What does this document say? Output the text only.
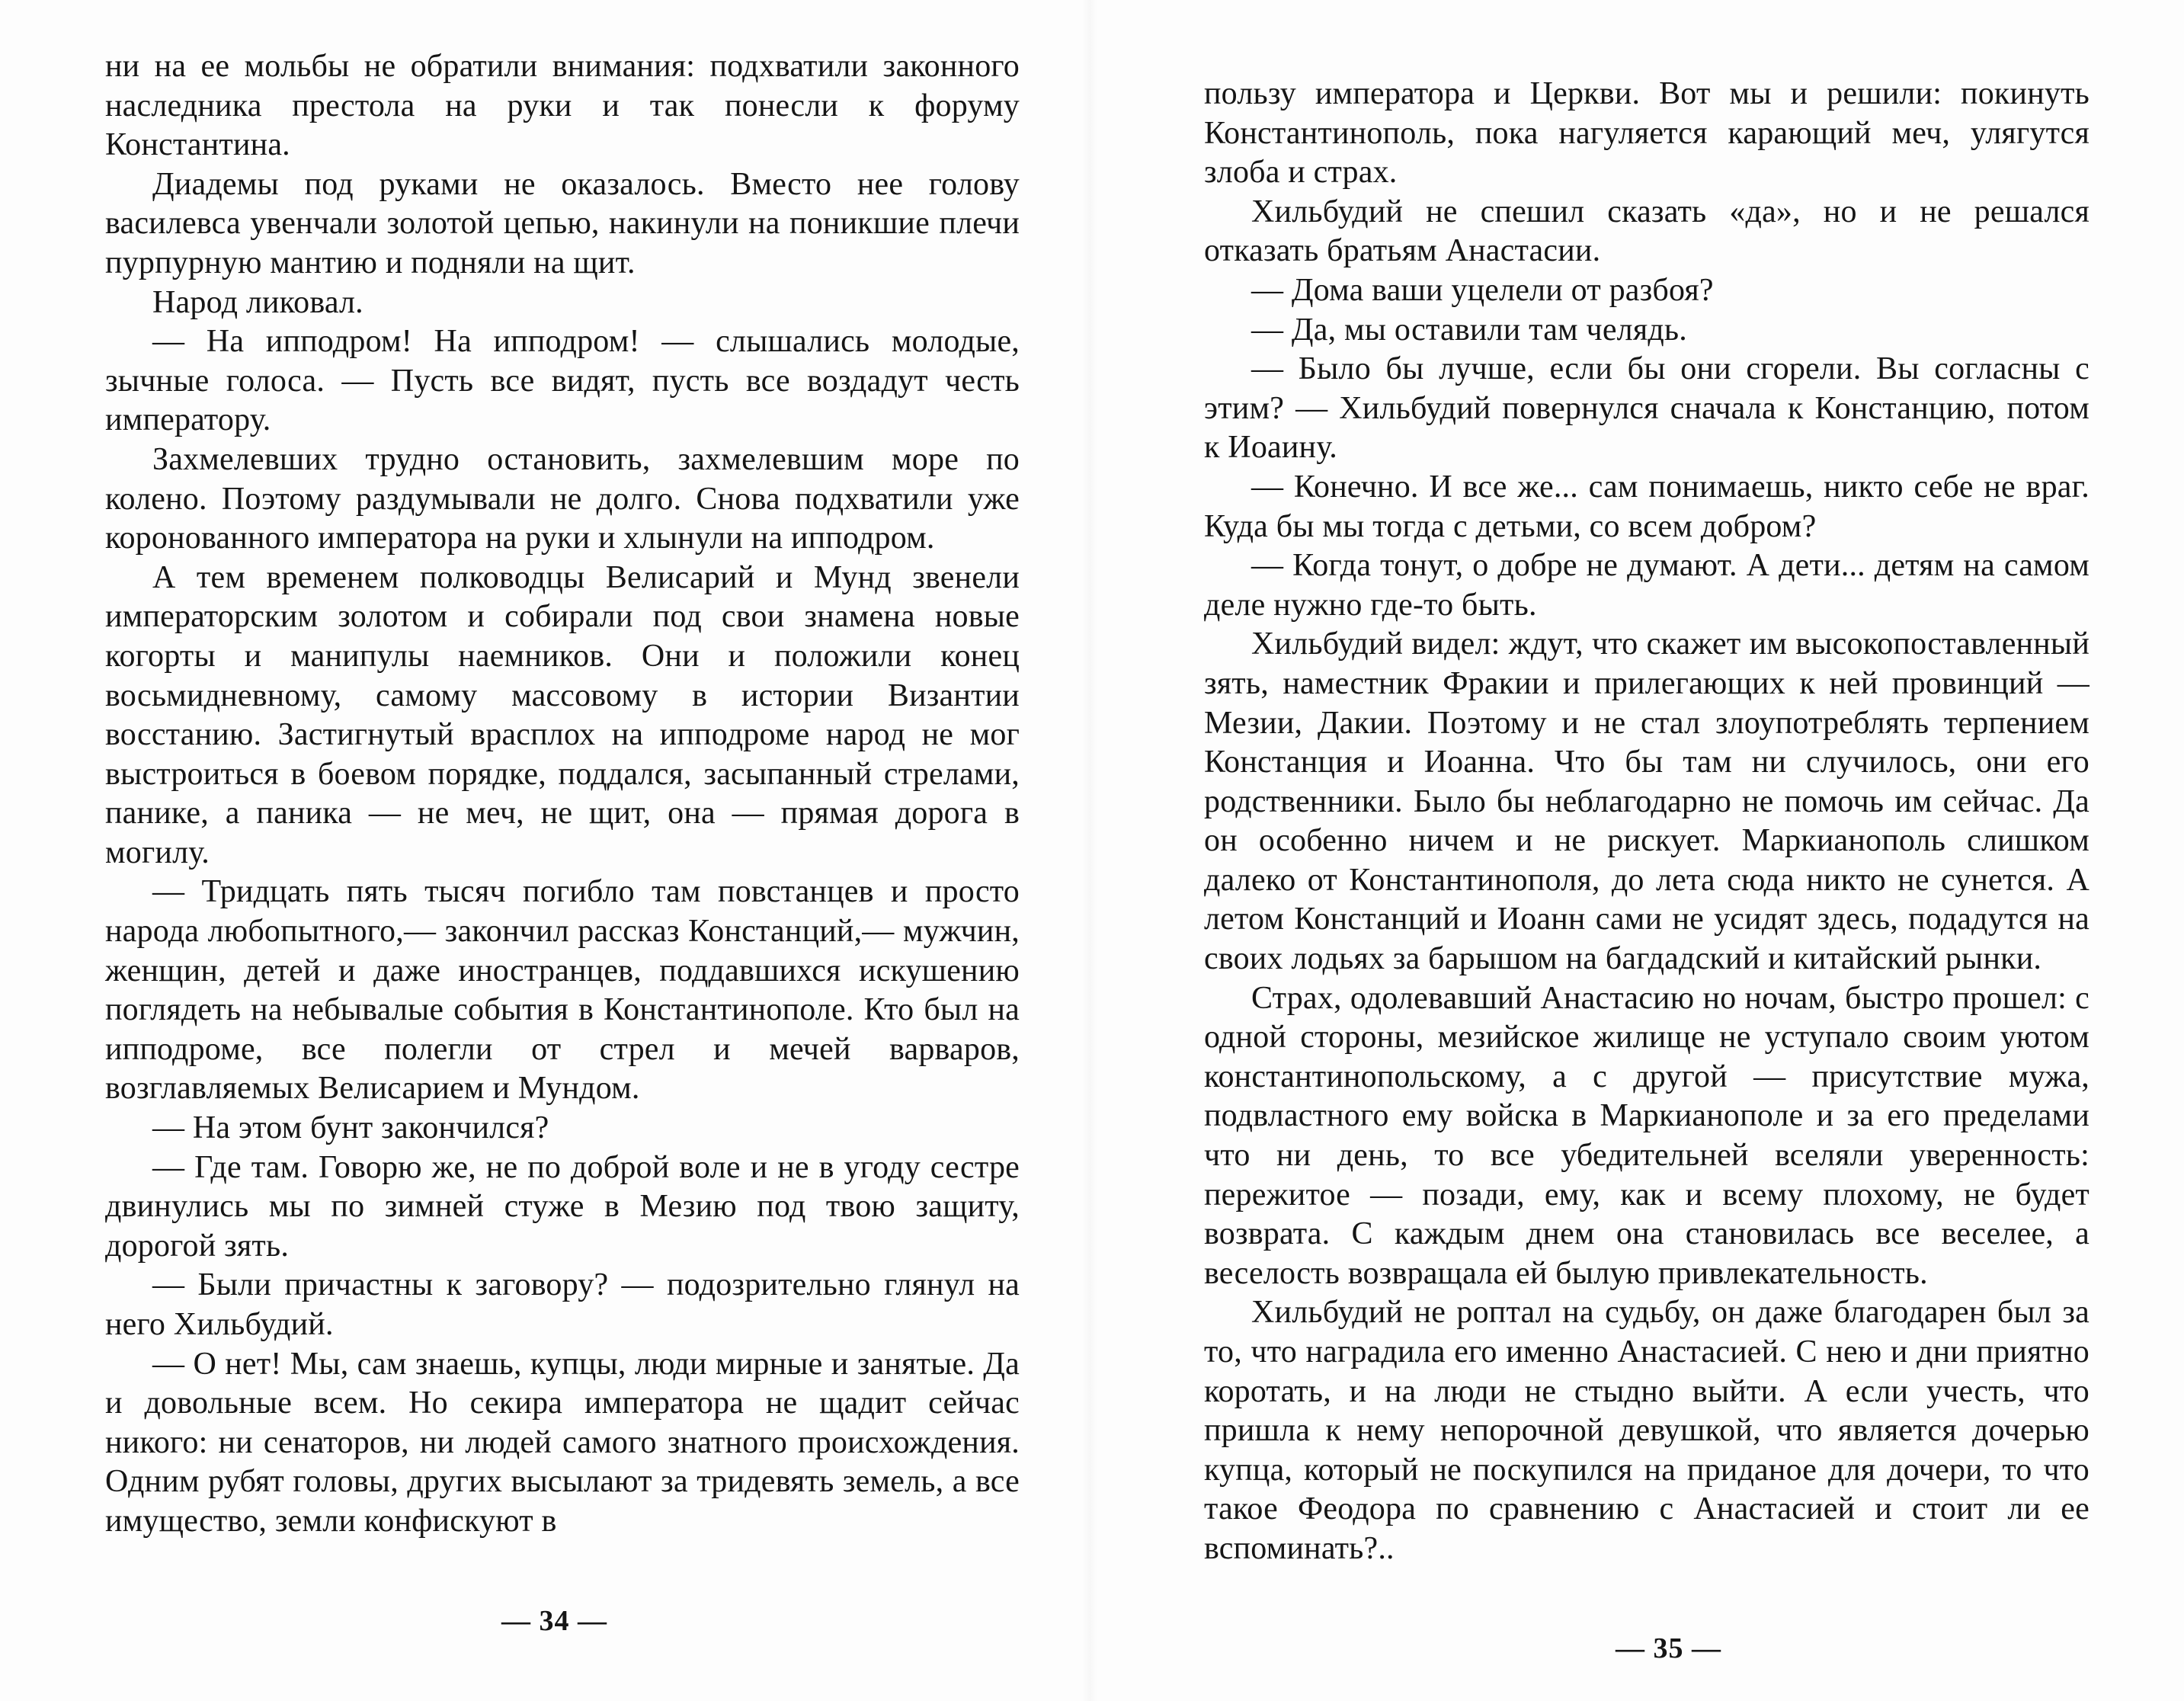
ни на ее мольбы не обратили внимания: подхватили законного наследника престола на руки и так понесли к форуму Константина.

Диадемы под руками не оказалось. Вместо нее голову василевса увенчали золотой цепью, накинули на поникшие плечи пурпурную мантию и подняли на щит.

Народ ликовал.

— На ипподром! На ипподром! — слышались молодые, зычные голоса. — Пусть все видят, пусть все воздадут честь императору.

Захмелевших трудно остановить, захмелевшим море по колено. Поэтому раздумывали не долго. Снова подхватили уже коронованного императора на руки и хлынули на ипподром.

А тем временем полководцы Велисарий и Мунд звенели императорским золотом и собирали под свои знамена новые когорты и манипулы наемников. Они и положили конец восьмидневному, самому массовому в истории Византии восстанию. Застигнутый врасплох на ипподроме народ не мог выстроиться в боевом порядке, поддался, засыпанный стрелами, панике, а паника — не меч, не щит, она — прямая дорога в могилу.

— Тридцать пять тысяч погибло там повстанцев и просто народа любопытного,— закончил рассказ Констанций,— мужчин, женщин, детей и даже иностранцев, поддавшихся искушению поглядеть на небывалые события в Константинополе. Кто был на ипподроме, все полегли от стрел и мечей варваров, возглавляемых Велисарием и Мундом.

— На этом бунт закончился?

— Где там. Говорю же, не по доброй воле и не в угоду сестре двинулись мы по зимней стуже в Мезию под твою защиту, дорогой зять.

— Были причастны к заговору? — подозрительно глянул на него Хильбудий.

— О нет! Мы, сам знаешь, купцы, люди мирные и занятые. Да и довольные всем. Но секира императора не щадит сейчас никого: ни сенаторов, ни людей самого знатного происхождения. Одним рубят головы, других высылают за тридевять земель, а все имущество, земли конфискуют в

— 34 —

пользу императора и Церкви. Вот мы и решили: покинуть Константинополь, пока нагуляется карающий меч, улягутся злоба и страх.

Хильбудий не спешил сказать «да», но и не решался отказать братьям Анастасии.

— Дома ваши уцелели от разбоя?

— Да, мы оставили там челядь.

— Было бы лучше, если бы они сгорели. Вы согласны с этим? — Хильбудий повернулся сначала к Констанцию, потом к Иоаину.

— Конечно. И все же... сам понимаешь, никто себе не враг. Куда бы мы тогда с детьми, со всем добром?

— Когда тонут, о добре не думают. А дети... детям на самом деле нужно где-то быть.

Хильбудий видел: ждут, что скажет им высокопоставленный зять, наместник Фракии и прилегающих к ней провинций — Мезии, Дакии. Поэтому и не стал злоупотреблять терпением Констанция и Иоанна. Что бы там ни случилось, они его родственники. Было бы неблагодарно не помочь им сейчас. Да он особенно ничем и не рискует. Маркианополь слишком далеко от Константинополя, до лета сюда никто не сунется. А летом Констанций и Иоанн сами не усидят здесь, подадутся на своих лодьях за барышом на багдадский и китайский рынки.

Страх, одолевавший Анастасию но ночам, быстро прошел: с одной стороны, мезийское жилище не уступало своим уютом константинопольскому, а с другой — присутствие мужа, подвластного ему войска в Маркианополе и за его пределами что ни день, то все убедительней вселяли уверенность: пережитое — позади, ему, как и всему плохому, не будет возврата. С каждым днем она становилась все веселее, а веселость возвращала ей былую привлекательность.

Хильбудий не роптал на судьбу, он даже благодарен был за то, что наградила его именно Анастасией. С нею и дни приятно коротать, и на люди не стыдно выйти. А если учесть, что пришла к нему непорочной девушкой, что является дочерью купца, который не поскупился на приданое для дочери, то что такое Феодора по сравнению с Анастасией и стоит ли ее вспоминать?..

— 35 —
